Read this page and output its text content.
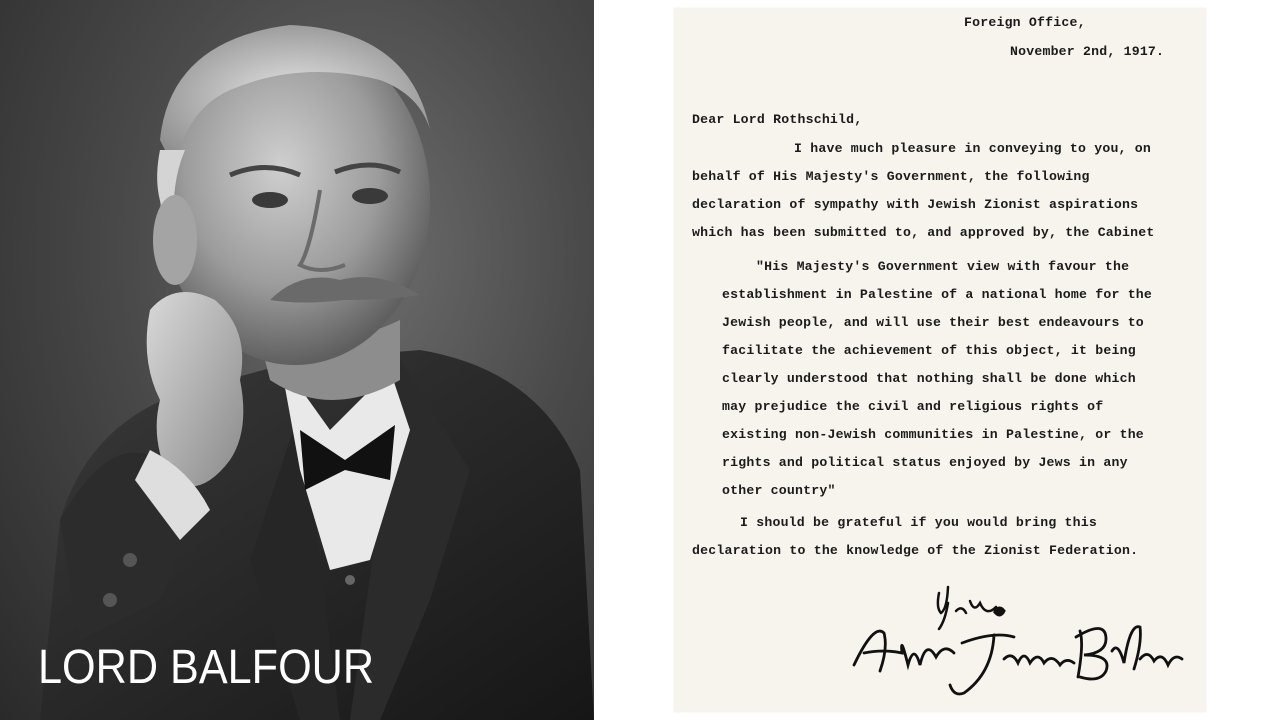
LORD BALFOUR
Foreign Office,
November 2nd, 1917.
Dear Lord Rothschild,
I have much pleasure in conveying to you, on
behalf of His Majesty's Government, the following
declaration of sympathy with Jewish Zionist aspirations
which has been submitted to, and approved by, the Cabinet
"His Majesty's Government view with favour the
establishment in Palestine of a national home for the
Jewish people, and will use their best endeavours to
facilitate the achievement of this object, it being
clearly understood that nothing shall be done which
may prejudice the civil and religious rights of
existing non-Jewish communities in Palestine, or the
rights and political status enjoyed by Jews in any
other country"
I should be grateful if you would bring this
declaration to the knowledge of the Zionist Federation.
